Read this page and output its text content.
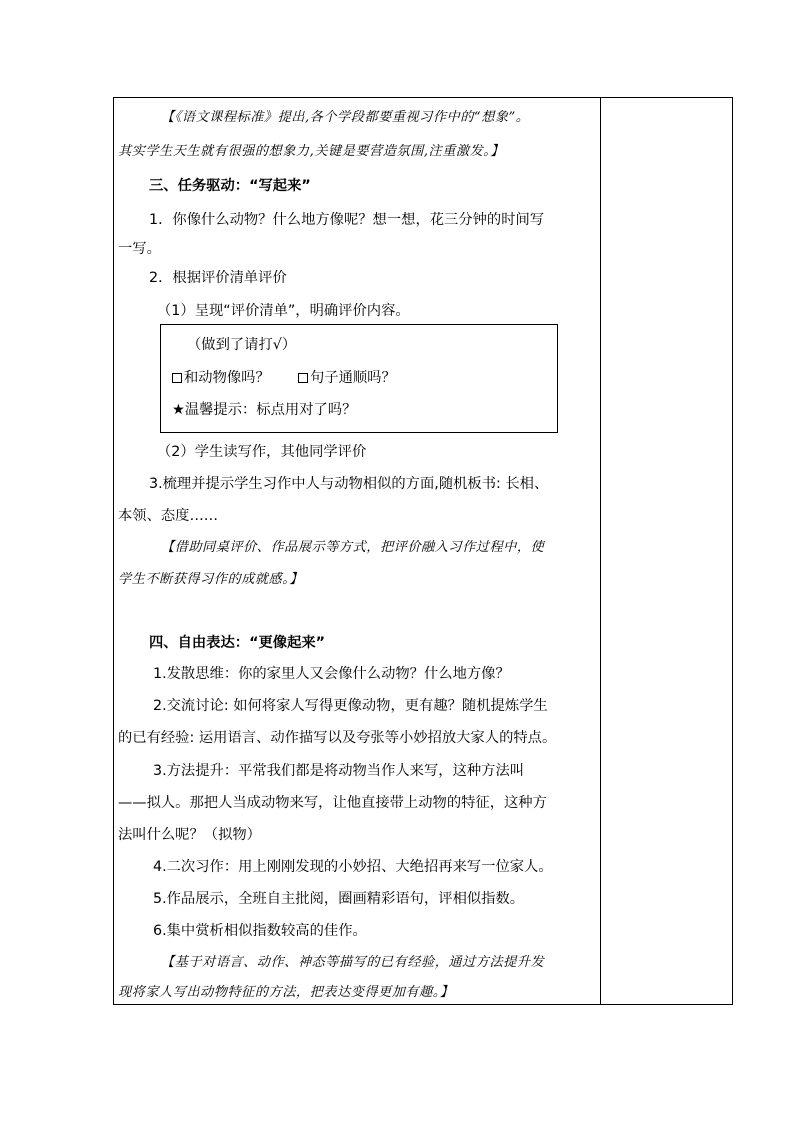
【《语文课程标准》提出,各个学段都要重视习作中的“想象”。
其实学生天生就有很强的想象力,关键是要营造氛围,注重激发。】
三、任务驱动：“写起来”
1．你像什么动物？什么地方像呢？想一想，花三分钟的时间写
一写。
2．根据评价清单评价
（1）呈现“评价清单”，明确评价内容。
（做到了请打√）
和动物像吗？	句子通顺吗？
★温馨提示：标点用对了吗？
（2）学生读写作，其他同学评价
3.梳理并提示学生习作中人与动物相似的方面,随机板书: 长相、
本领、态度……
【借助同桌评价、作品展示等方式，把评价融入习作过程中，使
学生不断获得习作的成就感。】
四、自由表达：“更像起来”
1.发散思维：你的家里人又会像什么动物？什么地方像？
2.交流讨论: 如何将家人写得更像动物，更有趣？随机提炼学生
的已有经验: 运用语言、动作描写以及夸张等小妙招放大家人的特点。
3.方法提升：平常我们都是将动物当作人来写，这种方法叫
——拟人。那把人当成动物来写，让他直接带上动物的特征，这种方
法叫什么呢？（拟物）
4.二次习作：用上刚刚发现的小妙招、大绝招再来写一位家人。
5.作品展示，全班自主批阅，圈画精彩语句，评相似指数。
6.集中赏析相似指数较高的佳作。
【基于对语言、动作、神态等描写的已有经验，通过方法提升发
现将家人写出动物特征的方法，把表达变得更加有趣。】
